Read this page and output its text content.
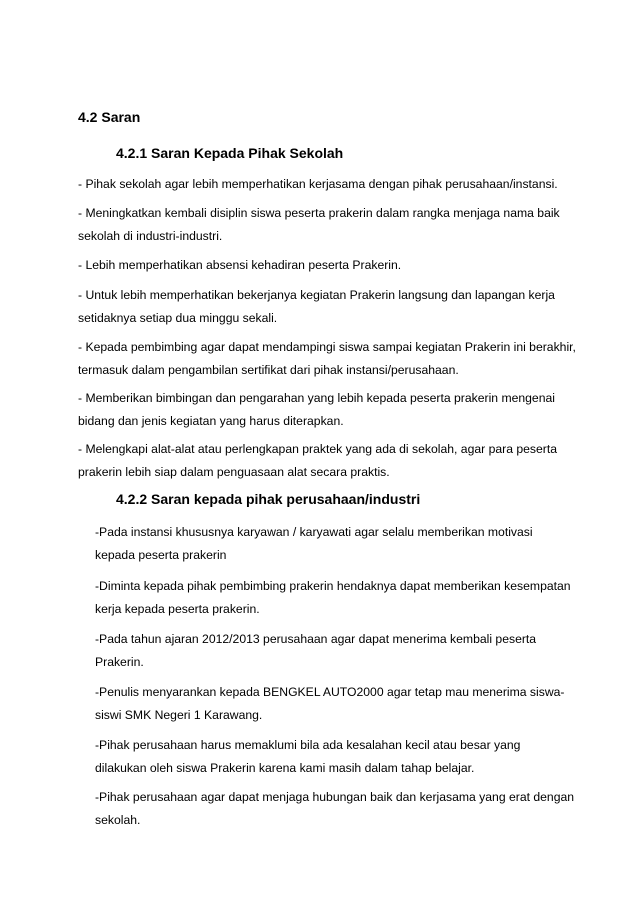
4.2 Saran
4.2.1 Saran Kepada Pihak Sekolah
- Pihak sekolah agar lebih memperhatikan kerjasama dengan pihak perusahaan/instansi.
- Meningkatkan kembali disiplin siswa peserta prakerin dalam rangka menjaga nama baik sekolah di industri-industri.
- Lebih memperhatikan absensi kehadiran peserta Prakerin.
- Untuk lebih memperhatikan bekerjanya kegiatan Prakerin langsung dan lapangan kerja setidaknya setiap dua minggu sekali.
- Kepada pembimbing agar dapat mendampingi siswa sampai kegiatan Prakerin ini berakhir, termasuk dalam pengambilan sertifikat dari pihak instansi/perusahaan.
- Memberikan bimbingan dan pengarahan yang lebih kepada peserta prakerin mengenai bidang dan jenis kegiatan yang harus diterapkan.
- Melengkapi alat-alat atau perlengkapan praktek yang ada di sekolah, agar para peserta prakerin lebih siap dalam penguasaan alat secara praktis.
4.2.2 Saran kepada pihak perusahaan/industri
-Pada instansi khususnya karyawan / karyawati agar selalu memberikan motivasi kepada peserta prakerin
-Diminta kepada pihak pembimbing prakerin hendaknya dapat memberikan kesempatan kerja kepada peserta prakerin.
-Pada tahun ajaran 2012/2013 perusahaan agar dapat menerima kembali peserta Prakerin.
-Penulis menyarankan kepada BENGKEL AUTO2000 agar tetap mau menerima siswa-siswi SMK Negeri 1 Karawang.
-Pihak perusahaan harus memaklumi bila ada kesalahan kecil atau besar yang dilakukan oleh siswa Prakerin karena kami masih dalam tahap belajar.
-Pihak perusahaan agar dapat menjaga hubungan baik dan kerjasama yang erat dengan sekolah.
